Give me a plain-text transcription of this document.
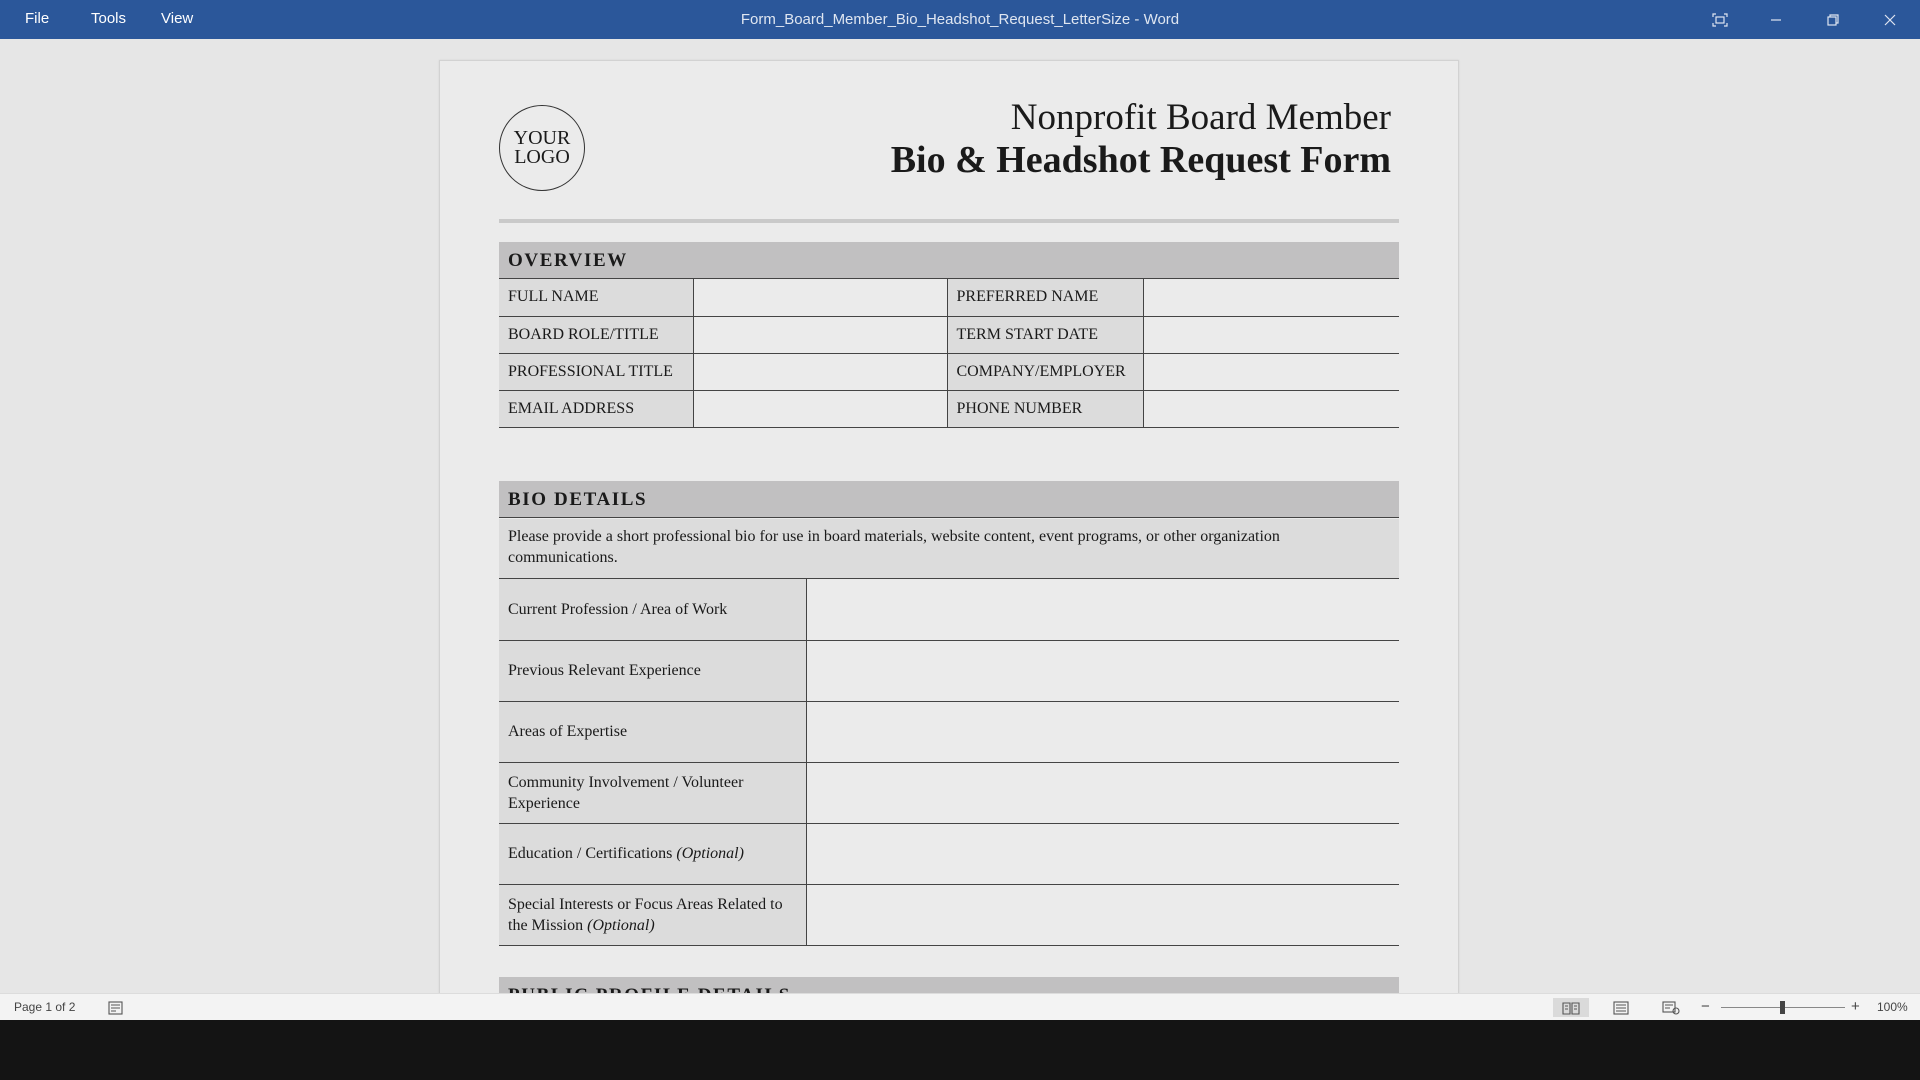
File	Tools View	Form_Board_Member_Bio_Headshot_Request_LetterSize - Word
YOUR
LOGO
Nonprofit Board Member
Bio & Headshot Request Form
OVERVIEW
FULL NAME		PREFERRED NAME	
BOARD ROLE/TITLE		TERM START DATE	
PROFESSIONAL TITLE		COMPANY/EMPLOYER	
EMAIL ADDRESS		PHONE NUMBER	
BIO DETAILS
Please provide a short professional bio for use in board materials, website content, event programs, or other organization communications.
Current Profession / Area of Work	
Previous Relevant Experience	
Areas of Expertise	
Community Involvement / Volunteer Experience	
Education / Certifications (Optional)	
Special Interests or Focus Areas Related to the Mission (Optional)	
Page 1 of 2	−	+ 100%
